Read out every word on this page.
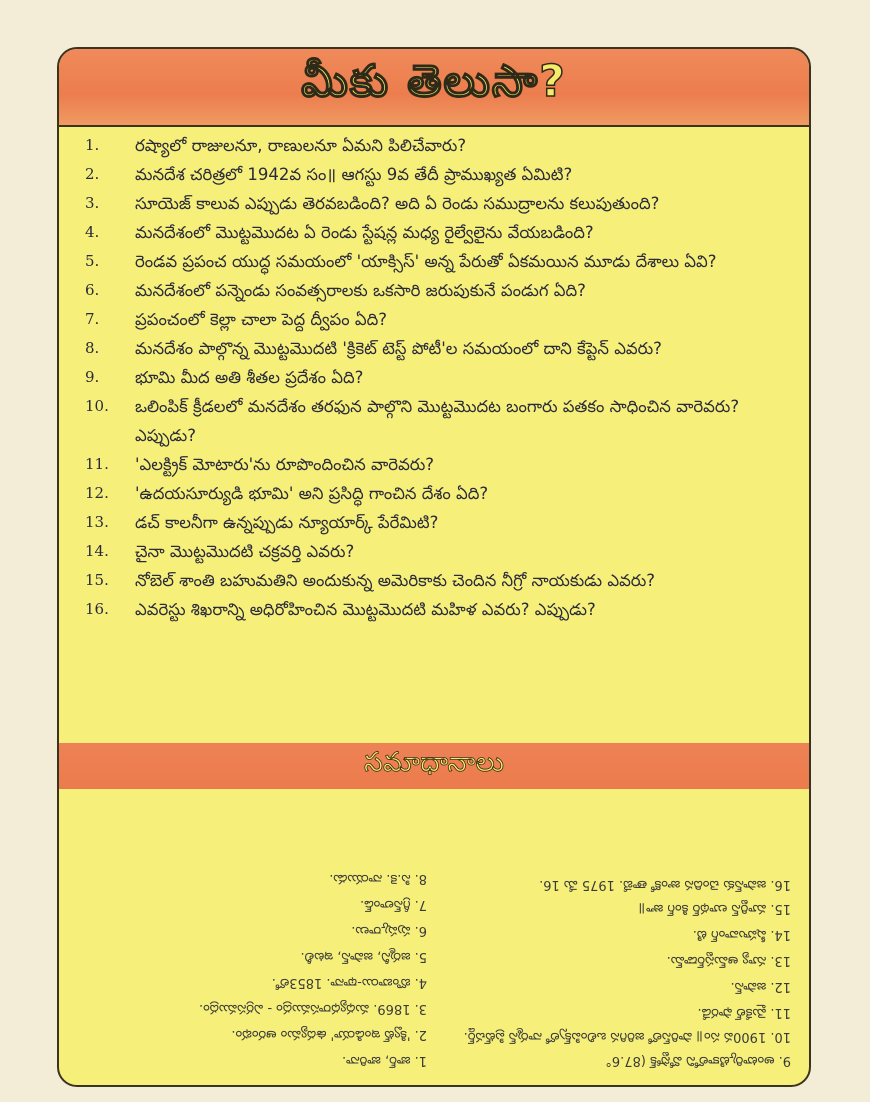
మీకు తెలుసా?
1.	రష్యాలో రాజులనూ, రాణులనూ ఏమని పిలిచేవారు?
2.	మనదేశ చరిత్రలో 1942వ సం॥ ఆగస్టు 9వ తేదీ ప్రాముఖ్యత ఏమిటి?
3.	సూయెజ్ కాలువ ఎప్పుడు తెరవబడింది? అది ఏ రెండు సముద్రాలను కలుపుతుంది?
4.	మనదేశంలో మొట్టమొదట ఏ రెండు స్టేషన్ల మధ్య రైల్వేలైను వేయబడింది?
5.	రెండవ ప్రపంచ యుద్ధ సమయంలో 'యాక్సిస్' అన్న పేరుతో ఏకమయిన మూడు దేశాలు ఏవి?
6.	మనదేశంలో పన్నెండు సంవత్సరాలకు ఒకసారి జరుపుకునే పండుగ ఏది?
7.	ప్రపంచంలో కెల్లా చాలా పెద్ద ద్వీపం ఏది?
8.	మనదేశం పాల్గొన్న మొట్టమొదటి 'క్రికెట్ టెస్ట్ పోటీ'ల సమయంలో దాని కేప్టెన్ ఎవరు?
9.	భూమి మీద అతి శీతల ప్రదేశం ఏది?
10.	ఒలింపిక్ క్రీడలలో మనదేశం తరఫున పాల్గొని మొట్టమొదట బంగారు పతకం సాధించిన వారెవరు? ఎప్పుడు?
11.	'ఎలక్ట్రిక్ మోటారు'ను రూపొందించిన వారెవరు?
12.	'ఉదయసూర్యుడి భూమి' అని ప్రసిద్ధి గాంచిన దేశం ఏది?
13.	డచ్ కాలనీగా ఉన్నప్పుడు న్యూయార్క్ పేరేమిటి?
14.	చైనా మొట్టమొదటి చక్రవర్తి ఎవరు?
15.	నోబెల్ శాంతి బహుమతిని అందుకున్న అమెరికాకు చెందిన నీగ్రో నాయకుడు ఎవరు?
16.	ఎవరెస్టు శిఖరాన్ని అధిరోహించిన మొట్టమొదటి మహిళ ఎవరు? ఎప్పుడు?
సమాధానాలు
9. అంటార్కిటికాలోని వోస్టోక్ (87.6°
10. 1900వ సం॥ పారిస్‌లో జరిగిన ఒలింపిక్స్‌లో నార్మన్ ప్రిట్‌చర్డ్.
11. మైకేల్ ఫారడే.
12. జపాన్.
13. న్యూ ఆమ్‌స్టర్‌డామ్.
14. షీహువాంగ్ టి.
15. మార్టిన్ లూథర్ కింగ్ జూ॥
16. జపాన్‌కు చెందిన జుంకో తాబే. 1975 మే 16.
1. జార్, జారినా.
2. 'క్విట్ ఇండియా' ఉద్యమం ఆరంభం.
3. 1869. మధ్యధరాసముద్రం - ఎర్రసముద్రం.
4. బొంబాయి-థానా. 1853లో.
5. జర్మనీ, జపాన్, ఇటలీ.
6. పుష్కరాలు.
7. గ్రీన్‌లాండ్.
8. సి.కె. నాయుడు.
